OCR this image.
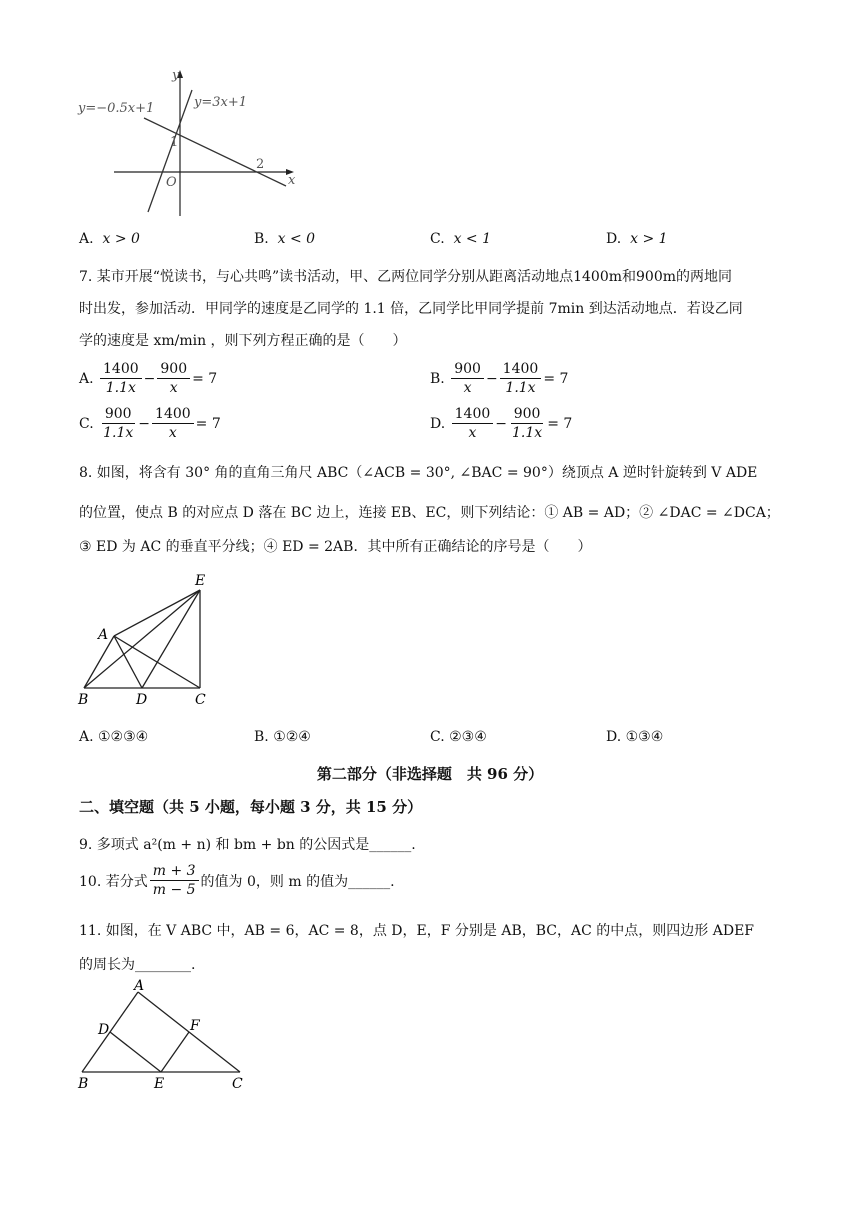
y
x
O
1
2
y=−0.5x+1	y=3x+1
A. x > 0	B. x < 0	C. x < 1	D. x > 1
7. 某市开展“悦读书，与心共鸣”读书活动，甲、乙两位同学分别从距离活动地点1400m和900m的两地同
时出发，参加活动．甲同学的速度是乙同学的 1.1 倍，乙同学比甲同学提前 7min 到达活动地点．若设乙同
学的速度是 xm/min ，则下列方程正确的是（　　）
A.
$\frac{1400}{1.1x} - \frac{900}{x} = 7$	B.
$\frac{900}{x} - \frac{1400}{1.1x} = 7$
C.
$\frac{900}{1.1x} - \frac{1400}{x} = 7$	D.
$\frac{1400}{x} - \frac{900}{1.1x} = 7$
8. 如图，将含有 30° 角的直角三角尺 ABC（∠ACB = 30°, ∠BAC = 90°）绕顶点 A 逆时针旋转到 V ADE
的位置，使点 B 的对应点 D 落在 BC 边上，连接 EB、EC，则下列结论：① AB = AD；② ∠DAC = ∠DCA；
③ ED 为 AC 的垂直平分线；④ ED = 2AB．其中所有正确结论的序号是（　　）
E
A
B	D	C
A. ①②③④	B. ①②④	C. ②③④	D. ①③④
第二部分（非选择题　共 96 分）
二、填空题（共 5 小题，每小题 3 分，共 15 分）
9. 多项式 a²(m + n) 和 bm + bn 的公因式是______.
10. 若分式 $\frac{m + 3}{m - 5}$ 的值为 0，则 m 的值为______.
11. 如图，在 V ABC 中，AB = 6，AC = 8，点 D，E，F 分别是 AB，BC，AC 的中点，则四边形 ADEF
的周长为________.
A
D	F
B	E	C
